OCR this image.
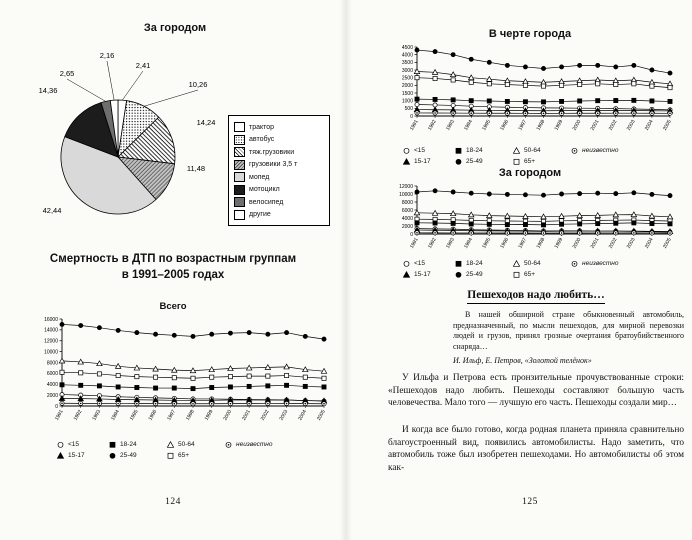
За городом
2,41
10,26
14,24
11,48
42,44
14,36
2,65
2,16
трактор
автобус
тяж.грузовики
грузовики 3,5 т
мопед
мотоцикл
велосипед
другие
Смертность в ДТП по возрастным группам
в 1991–2005 годах
Всего
0
2000
4000
6000
8000
10000
12000
14000
16000
1991 1992 1993 1994 1995 1996 1997 1998 1999 2000 2001 2002 2003 2004 2005
<15	18-24	50-64	неизвестно
15-17	25-49	65+
124
В черте города
0
500
1000
1500
2000
2500
3000
3500
4000
4500
1991 1992 1993 1994 1995 1996 1997 1998 1999 2000 2001 2002 2003 2004 2005
<15	18-24	50-64	неизвестно
15-17	25-49	65+
За городом
0
2000
4000
6000
8000
10000
12000
1991 1992 1993 1994 1995 1996 1997 1998 1999 2000 2001 2002 2003 2004 2005
<15	18-24	50-64	неизвестно
15-17	25-49	65+
Пешеходов надо любить…

В нашей обширной стране обыкновенный автомобиль, предназначенный, по мысли пешеходов, для мирной перевозки людей и грузов, принял грозные очертания братоубийственного снаряда…

И. Ильф, Е. Петров, «Золотой телёнок»

У Ильфа и Петрова есть пронзительные прочувствованные строки: «Пешеходов надо любить. Пешеходы составляют большую часть человечества. Мало того — лучшую его часть. Пешеходы создали мир…

И когда все было готово, когда родная планета приняла сравнительно благоустроенный вид, появились автомобилисты. Надо заметить, что автомобиль тоже был изобретен пешеходами. Но автомобилисты об этом как-

125
